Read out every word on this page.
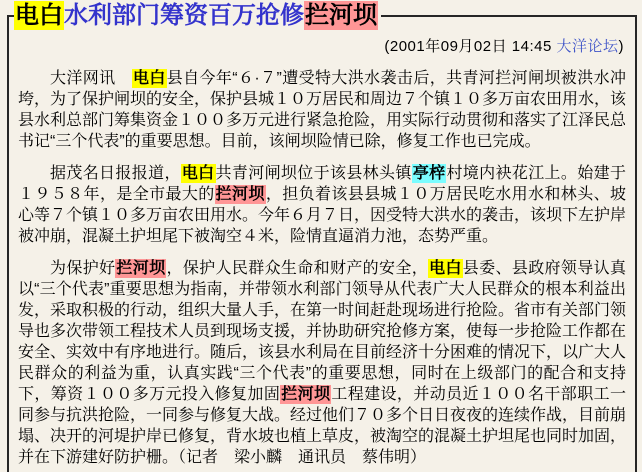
电白水利部门筹资百万抢修拦河坝
(2001年09月02日 14:45 大洋论坛)

大洋网讯　电白县自今年“６·７”遭受特大洪水袭击后，共青河拦河闸坝被洪水冲垮，为了保护闸坝的安全，保护县城１０万居民和周边７个镇１０多万亩农田用水，该县水利总部门筹集资金１００多万元进行紧急抢险，用实际行动贯彻和落实了江泽民总书记“三个代表”的重要思想。目前，该闸坝险情已除，修复工作也已完成。

据茂名日报报道，电白共青河闸坝位于该县林头镇亭梓村境内袂花江上。始建于１９５８年，是全市最大的拦河坝，担负着该县县城１０万居民吃水用水和林头、坡心等７个镇１０多万亩农田用水。今年６月７日，因受特大洪水的袭击，该坝下左护岸被冲崩，混凝土护坦尾下被淘空４米，险情直逼消力池，态势严重。

为保护好拦河坝，保护人民群众生命和财产的安全，电白县委、县政府领导认真以“三个代表”重要思想为指南，并带领水利部门领导从代表广大人民群众的根本利益出发，采取积极的行动，组织大量人手，在第一时间赶赴现场进行抢险。省市有关部门领导也多次带领工程技术人员到现场支援，并协助研究抢修方案，使每一步抢险工作都在安全、实效中有序地进行。随后，该县水利局在目前经济十分困难的情况下，以广大人民群众的利益为重，认真实践“三个代表”的重要思想，同时在上级部门的配合和支持下，筹资１００多万元投入修复加固拦河坝工程建设，并动员近１００名干部职工一同参与抗洪抢险，一同参与修复大战。经过他们７０多个日日夜夜的连续作战，目前崩塌、决开的河堤护岸已修复，背水坡也植上草皮，被淘空的混凝土护坦尾也同时加固，并在下游建好防护栅。（记者　梁小麟　通讯员　蔡伟明）
